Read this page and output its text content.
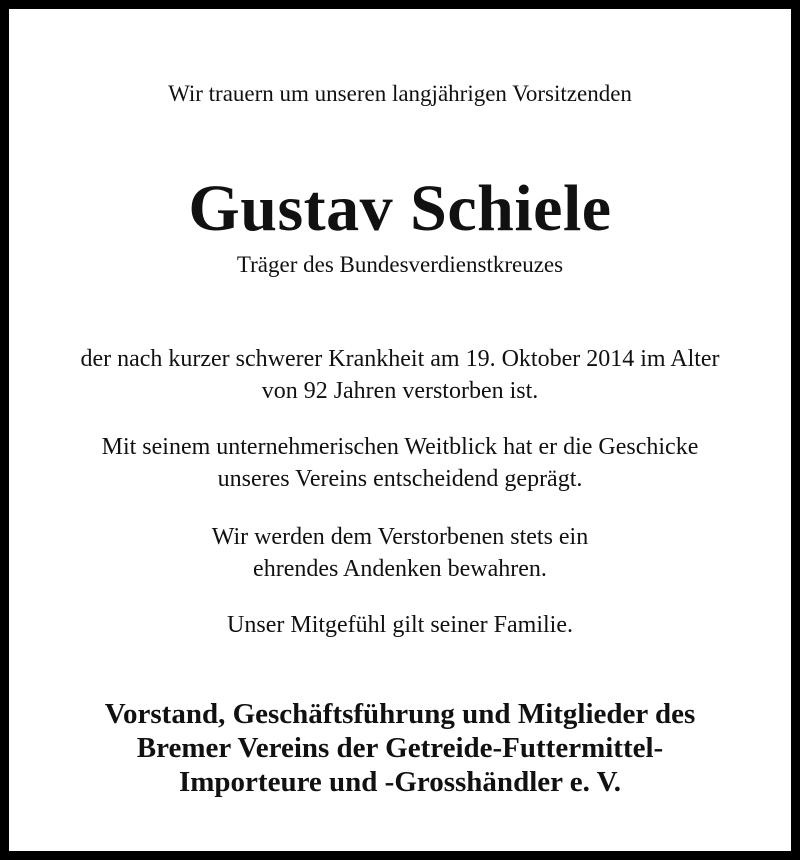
Wir trauern um unseren langjährigen Vorsitzenden
Gustav Schiele
Träger des Bundesverdienstkreuzes
der nach kurzer schwerer Krankheit am 19. Oktober 2014 im Alter
von 92 Jahren verstorben ist.
Mit seinem unternehmerischen Weitblick hat er die Geschicke
unseres Vereins entscheidend geprägt.
Wir werden dem Verstorbenen stets ein
ehrendes Andenken bewahren.
Unser Mitgefühl gilt seiner Familie.
Vorstand, Geschäftsführung und Mitglieder des
Bremer Vereins der Getreide-Futtermittel-
Importeure und -Grosshändler e. V.
